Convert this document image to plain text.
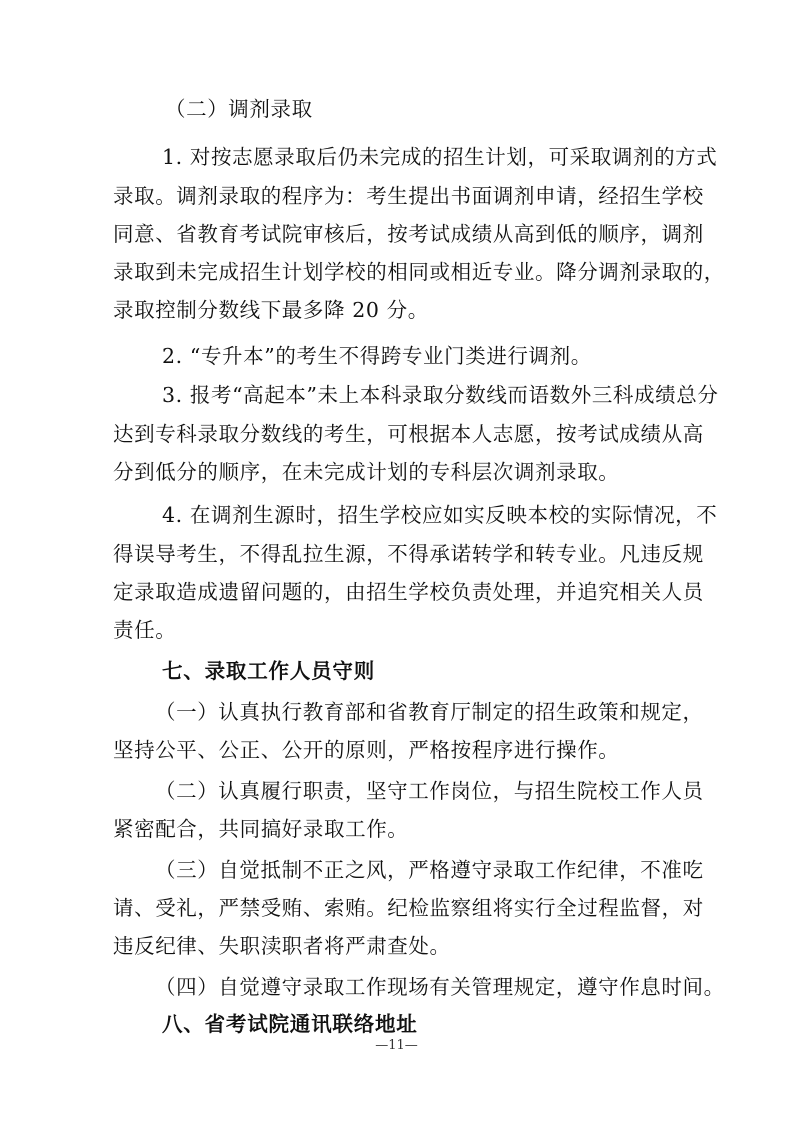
（二）调剂录取
1. 对按志愿录取后仍未完成的招生计划，可采取调剂的方式
录取。调剂录取的程序为：考生提出书面调剂申请，经招生学校
同意、省教育考试院审核后，按考试成绩从高到低的顺序，调剂
录取到未完成招生计划学校的相同或相近专业。降分调剂录取的，
录取控制分数线下最多降 20 分。
2. “专升本”的考生不得跨专业门类进行调剂。
3. 报考“高起本”未上本科录取分数线而语数外三科成绩总分
达到专科录取分数线的考生，可根据本人志愿，按考试成绩从高
分到低分的顺序，在未完成计划的专科层次调剂录取。
4. 在调剂生源时，招生学校应如实反映本校的实际情况，不
得误导考生，不得乱拉生源，不得承诺转学和转专业。凡违反规
定录取造成遗留问题的，由招生学校负责处理，并追究相关人员
责任。
七、录取工作人员守则
（一）认真执行教育部和省教育厅制定的招生政策和规定，
坚持公平、公正、公开的原则，严格按程序进行操作。
（二）认真履行职责，坚守工作岗位，与招生院校工作人员
紧密配合，共同搞好录取工作。
（三）自觉抵制不正之风，严格遵守录取工作纪律，不准吃
请、受礼，严禁受贿、索贿。纪检监察组将实行全过程监督，对
违反纪律、失职渎职者将严肃查处。
（四）自觉遵守录取工作现场有关管理规定，遵守作息时间。
八、省考试院通讯联络地址
—11—
